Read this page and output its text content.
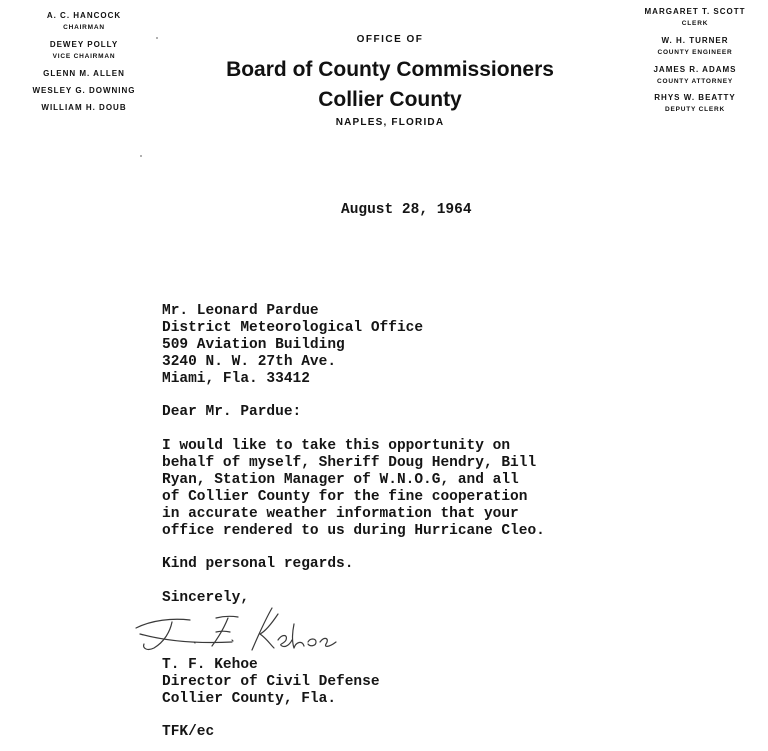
A. C. HANCOCK
CHAIRMAN
DEWEY POLLY
VICE CHAIRMAN
GLENN M. ALLEN
WESLEY G. DOWNING
WILLIAM H. DOUB
OFFICE OF
Board of County Commissioners
Collier County
NAPLES, FLORIDA
MARGARET T. SCOTT
CLERK
W. H. TURNER
COUNTY ENGINEER
JAMES R. ADAMS
COUNTY ATTORNEY
RHYS W. BEATTY
DEPUTY CLERK
August 28, 1964
Mr. Leonard Pardue
District Meteorological Office
509 Aviation Building
3240 N. W. 27th Ave.
Miami, Fla. 33412
Dear Mr. Pardue:
I would like to take this opportunity on
behalf of myself, Sheriff Doug Hendry, Bill
Ryan, Station Manager of W.N.O.G, and all
of Collier County for the fine cooperation
in accurate weather information that your
office rendered to us during Hurricane Cleo.
Kind personal regards.
Sincerely,
T. F. Kehoe
Director of Civil Defense
Collier County, Fla.
TFK/ec
